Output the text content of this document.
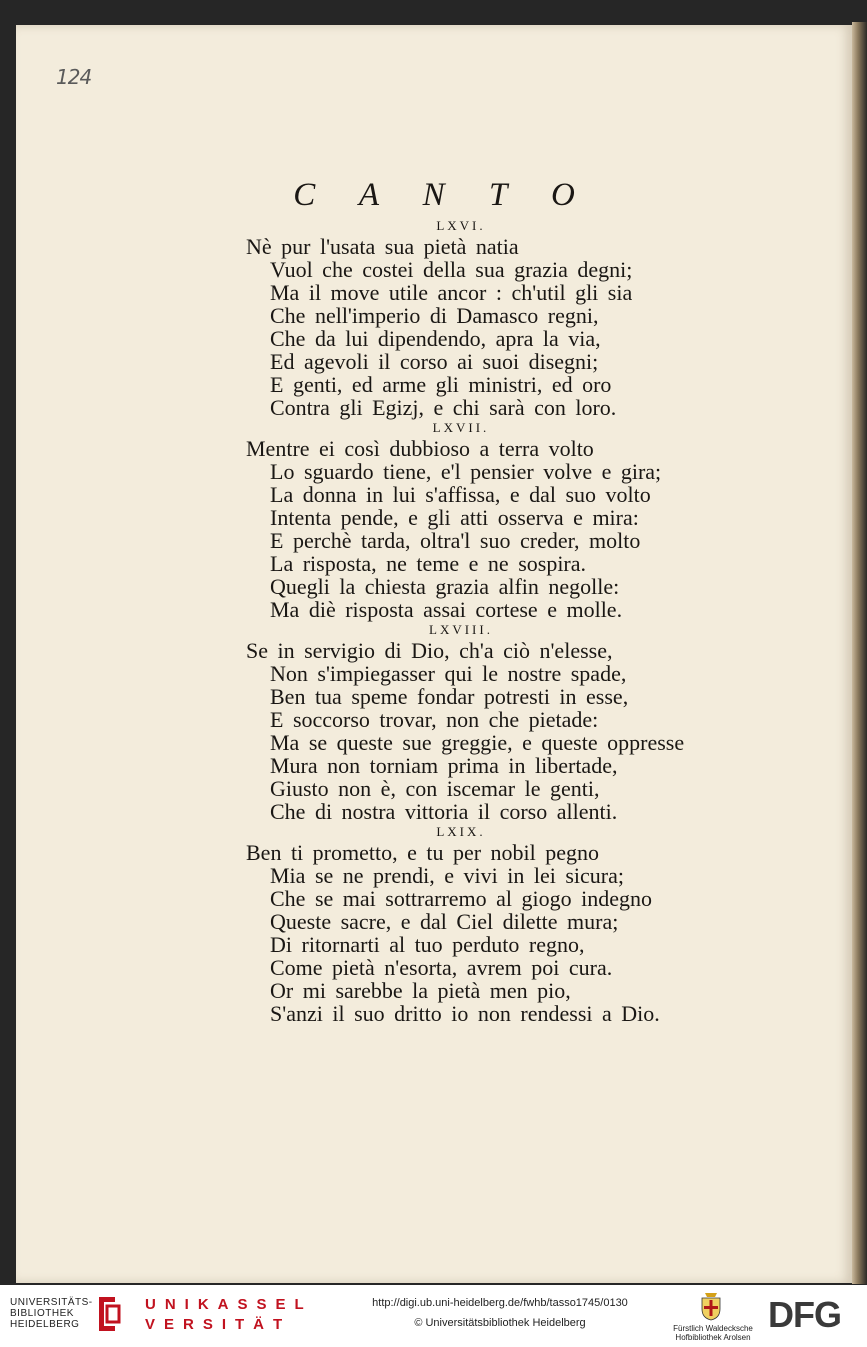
124
C A N T O
LXVI.
Nè pur l'usata sua pietà natia
Vuol che costei della sua grazia degni;
Ma il move utile ancor : ch'util gli sia
Che nell'imperio di Damasco regni,
Che da lui dipendendo, apra la via,
Ed agevoli il corso ai suoi disegni;
E genti, ed arme gli ministri, ed oro
Contra gli Egizj, e chi sarà con loro.
LXVII.
Mentre ei così dubbioso a terra volto
Lo sguardo tiene, e'l pensier volve e gira;
La donna in lui s'affissa, e dal suo volto
Intenta pende, e gli atti osserva e mira:
E perchè tarda, oltra'l suo creder, molto
La risposta, ne teme e ne sospira.
Quegli la chiesta grazia alfin negolle:
Ma diè risposta assai cortese e molle.
LXVIII.
Se in servigio di Dio, ch'a ciò n'elesse,
Non s'impiegasser qui le nostre spade,
Ben tua speme fondar potresti in esse,
E soccorso trovar, non che pietade:
Ma se queste sue greggie, e queste oppresse
Mura non torniam prima in libertade,
Giusto non è, con iscemar le genti,
Che di nostra vittoria il corso allenti.
LXIX.
Ben ti prometto, e tu per nobil pegno
Mia se ne prendi, e vivi in lei sicura;
Che se mai sottrarremo al giogo indegno
Queste sacre, e dal Ciel dilette mura;
Di ritornarti al tuo perduto regno,
Come pietà n'esorta, avrem poi cura.
Or mi sarebbe la pietà men pio,
S'anzi il suo dritto io non rendessi a Dio.
UNIVERSITÄTS-
BIBLIOTHEK
HEIDELBERG
UNIKASSEL
VERSITÄT
http://digi.ub.uni-heidelberg.de/fwhb/tasso1745/0130
© Universitätsbibliothek Heidelberg	Fürstlich Waldecksche
Hofbibliothek Arolsen
DFG
